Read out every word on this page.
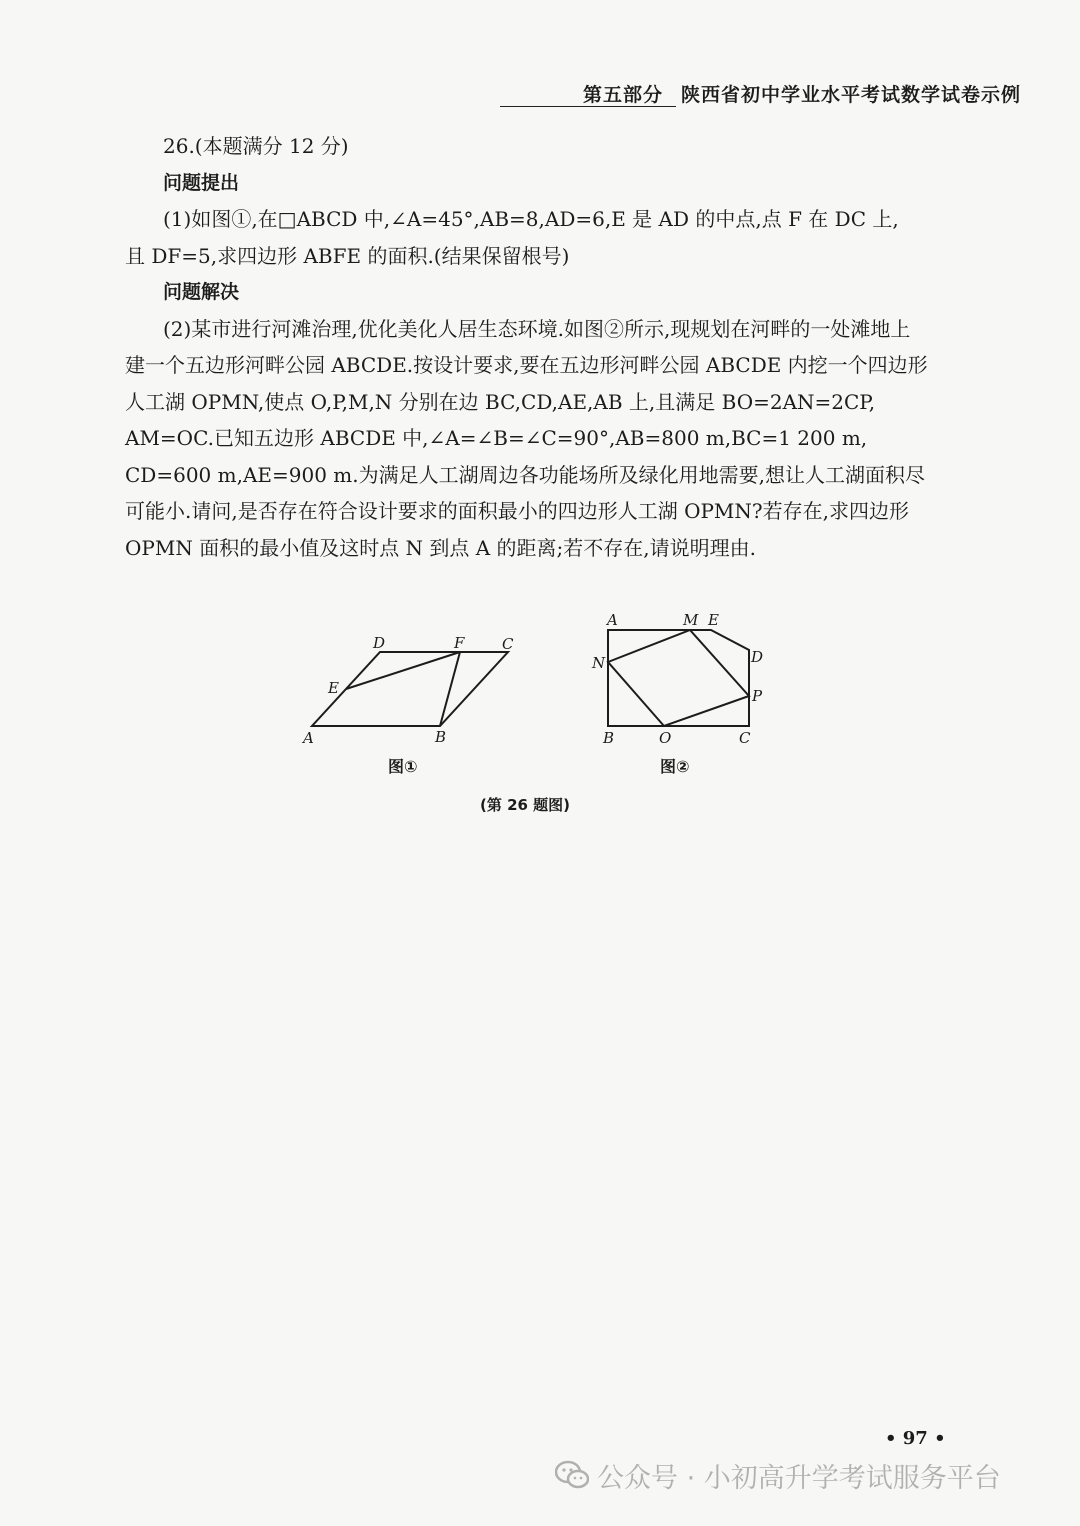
第五部分 陕西省初中学业水平考试数学试卷示例

26.(本题满分 12 分)

问题提出

(1)如图①,在□ABCD 中,∠A=45°,AB=8,AD=6,E 是 AD 的中点,点 F 在 DC 上,

且 DF=5,求四边形 ABFE 的面积.(结果保留根号)

问题解决

(2)某市进行河滩治理,优化美化人居生态环境.如图②所示,现规划在河畔的一处滩地上

建一个五边形河畔公园 ABCDE.按设计要求,要在五边形河畔公园 ABCDE 内挖一个四边形

人工湖 OPMN,使点 O,P,M,N 分别在边 BC,CD,AE,AB 上,且满足 BO=2AN=2CP,

AM=OC.已知五边形 ABCDE 中,∠A=∠B=∠C=90°,AB=800 m,BC=1 200 m,

CD=600 m,AE=900 m.为满足人工湖周边各功能场所及绿化用地需要,想让人工湖面积尽

可能小.请问,是否存在符合设计要求的面积最小的四边形人工湖 OPMN?若存在,求四边形

OPMN 面积的最小值及这时点 N 到点 A 的距离;若不存在,请说明理由.

A	B
C
D
E
F
A
B	C
D
E
M
N
O
P
图①	图②
(第 26 题图)
• 97 •
公众号 · 小初高升学考试服务平台
